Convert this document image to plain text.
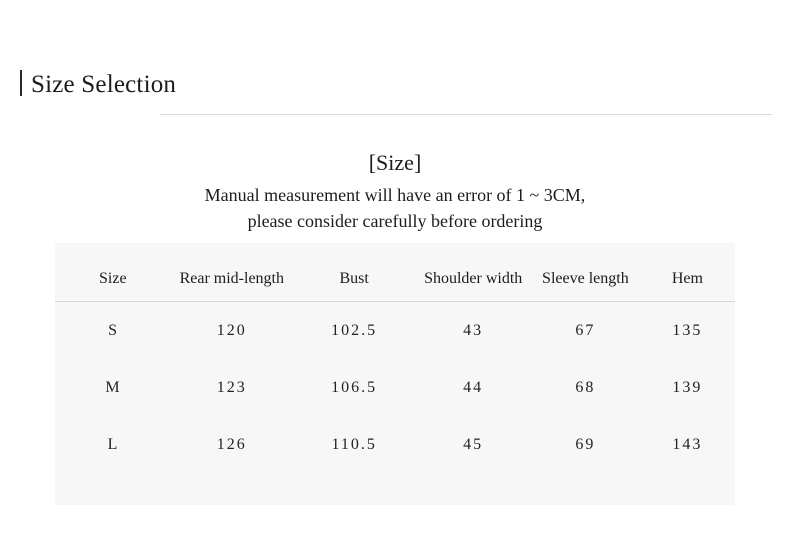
Size Selection
[Size]
Manual measurement will have an error of 1 ~ 3CM,
please consider carefully before ordering
Size	Rear mid-length	Bust	Shoulder width	Sleeve length	Hem
S	120	102.5	43	67	135
M	123	106.5	44	68	139
L	126	110.5	45	69	143
